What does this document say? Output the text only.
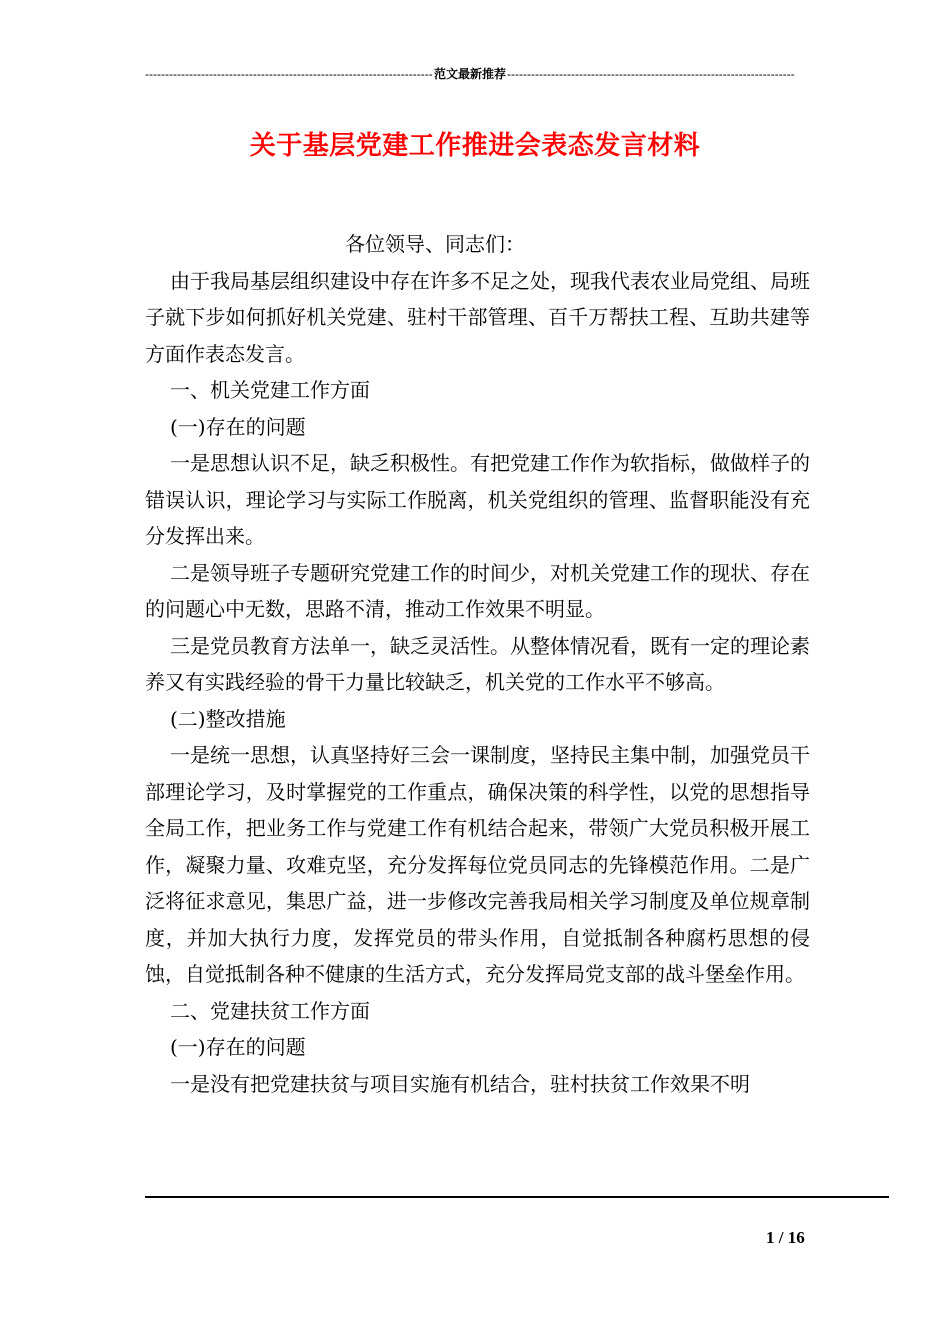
-----
范文最新推荐
-----
关于基层党建工作推进会表态发言材料

各位领导、同志们：

由于我局基层组织建设中存在许多不足之处，现我代表农业局党组、局班子就下步如何抓好机关党建、驻村干部管理、百千万帮扶工程、互助共建等方面作表态发言。

一、机关党建工作方面

(一)存在的问题

一是思想认识不足，缺乏积极性。有把党建工作作为软指标，做做样子的错误认识，理论学习与实际工作脱离，机关党组织的管理、监督职能没有充分发挥出来。

二是领导班子专题研究党建工作的时间少，对机关党建工作的现状、存在的问题心中无数，思路不清，推动工作效果不明显。

三是党员教育方法单一，缺乏灵活性。从整体情况看，既有一定的理论素养又有实践经验的骨干力量比较缺乏，机关党的工作水平不够高。

(二)整改措施

一是统一思想，认真坚持好三会一课制度，坚持民主集中制，加强党员干部理论学习，及时掌握党的工作重点，确保决策的科学性，以党的思想指导全局工作，把业务工作与党建工作有机结合起来，带领广大党员积极开展工作，凝聚力量、攻难克坚，充分发挥每位党员同志的先锋模范作用。二是广泛将征求意见，集思广益，进一步修改完善我局相关学习制度及单位规章制度，并加大执行力度，发挥党员的带头作用，自觉抵制各种腐朽思想的侵蚀，自觉抵制各种不健康的生活方式，充分发挥局党支部的战斗堡垒作用。

二、党建扶贫工作方面

(一)存在的问题

一是没有把党建扶贫与项目实施有机结合，驻村扶贫工作效果不明

1 / 16
